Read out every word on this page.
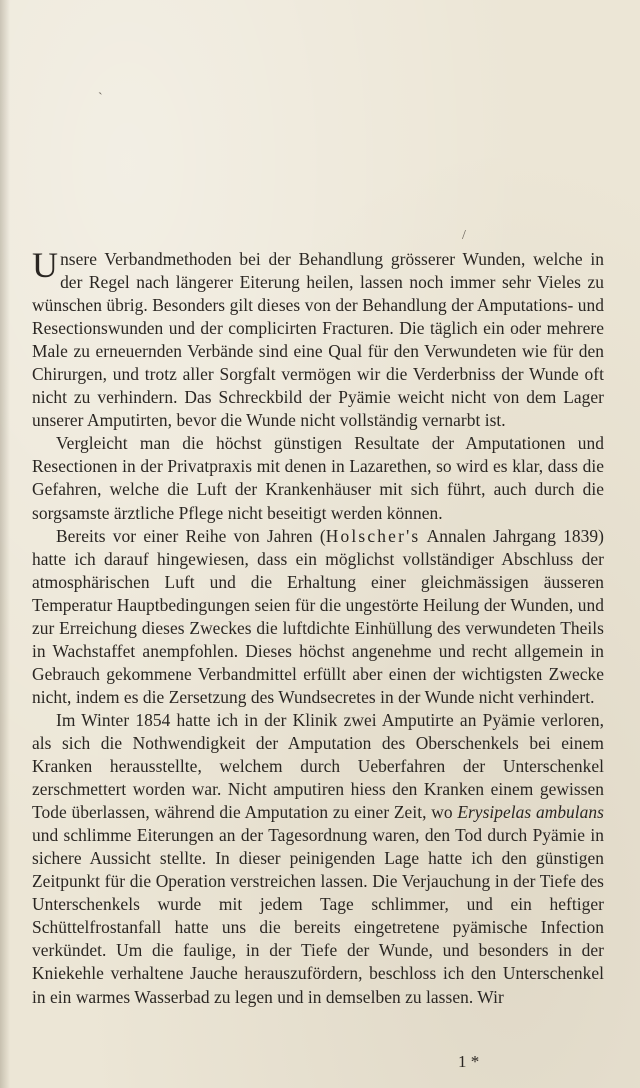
`
/

Unsere Verbandmethoden bei der Behandlung grösserer Wunden, welche in der Regel nach längerer Eiterung heilen, lassen noch immer sehr Vieles zu wünschen übrig. Besonders gilt dieses von der Behandlung der Amputations- und Resectionswunden und der complicirten Fracturen. Die täglich ein oder mehrere Male zu erneuernden Verbände sind eine Qual für den Verwundeten wie für den Chirurgen, und trotz aller Sorgfalt vermögen wir die Verderbniss der Wunde oft nicht zu verhindern. Das Schreckbild der Pyämie weicht nicht von dem Lager unserer Amputirten, bevor die Wunde nicht vollständig vernarbt ist.

Vergleicht man die höchst günstigen Resultate der Amputationen und Resectionen in der Privatpraxis mit denen in Lazarethen, so wird es klar, dass die Gefahren, welche die Luft der Krankenhäuser mit sich führt, auch durch die sorgsamste ärztliche Pflege nicht beseitigt werden können.

Bereits vor einer Reihe von Jahren (Holscher's Annalen Jahrgang 1839) hatte ich darauf hingewiesen, dass ein möglichst vollständiger Abschluss der atmosphärischen Luft und die Erhaltung einer gleichmässigen äusseren Temperatur Hauptbedingungen seien für die ungestörte Heilung der Wunden, und zur Erreichung dieses Zweckes die luftdichte Einhüllung des verwundeten Theils in Wachstaffet anempfohlen. Dieses höchst angenehme und recht allgemein in Gebrauch gekommene Verbandmittel erfüllt aber einen der wichtigsten Zwecke nicht, indem es die Zersetzung des Wundsecretes in der Wunde nicht verhindert.

Im Winter 1854 hatte ich in der Klinik zwei Amputirte an Pyämie verloren, als sich die Nothwendigkeit der Amputation des Oberschenkels bei einem Kranken herausstellte, welchem durch Ueberfahren der Unterschenkel zerschmettert worden war. Nicht amputiren hiess den Kranken einem gewissen Tode überlassen, während die Amputation zu einer Zeit, wo Erysipelas ambulans und schlimme Eiterungen an der Tagesordnung waren, den Tod durch Pyämie in sichere Aussicht stellte. In dieser peinigenden Lage hatte ich den günstigen Zeitpunkt für die Operation verstreichen lassen. Die Verjauchung in der Tiefe des Unterschenkels wurde mit jedem Tage schlimmer, und ein heftiger Schüttelfrostanfall hatte uns die bereits eingetretene pyämische Infection verkündet. Um die faulige, in der Tiefe der Wunde, und besonders in der Kniekehle verhaltene Jauche herauszufördern, beschloss ich den Unterschenkel in ein warmes Wasserbad zu legen und in demselben zu lassen. Wir

1 *
